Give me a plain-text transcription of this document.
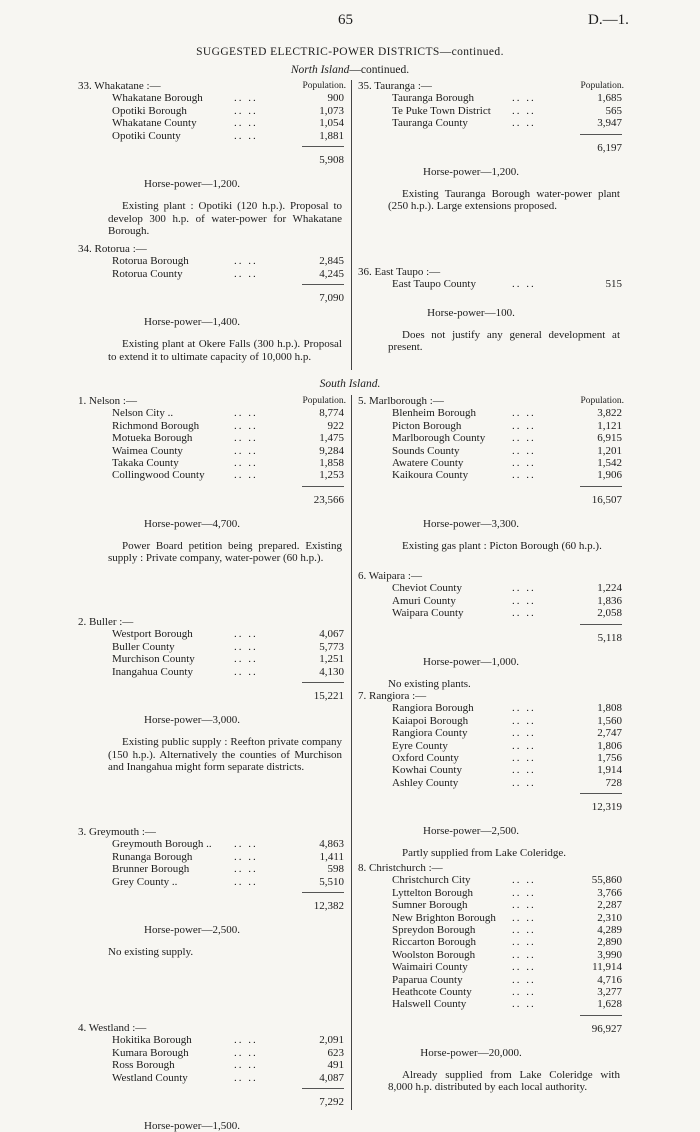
65	D.—1.
SUGGESTED ELECTRIC-POWER DISTRICTS—continued.
North Island—continued.
South Island.
33. Whakatane :—	Population.
Whakatane Borough	.. ..	900
Opotiki Borough	.. ..	1,073
Whakatane County	.. ..	1,054
Opotiki County	.. ..	1,881
5,908
Horse-power—1,200.
Existing plant : Opotiki (120 h.p.). Proposal to develop 300 h.p. of water-power for Whakatane Borough.
34. Rotorua :—
Rotorua Borough	.. ..	2,845
Rotorua County	.. ..	4,245
7,090
Horse-power—1,400.
Existing plant at Okere Falls (300 h.p.). Proposal to extend it to ultimate capacity of 10,000 h.p.
35. Tauranga :—	Population.
Tauranga Borough	.. ..	1,685
Te Puke Town District .. ..	565
Tauranga County	.. ..	3,947
6,197
Horse-power—1,200.
Existing Tauranga Borough water-power plant (250 h.p.). Large extensions proposed.
36. East Taupo :—
East Taupo County	.. ..	515
Horse-power—100.
Does not justify any general development at present.
1. Nelson :—	Population.
Nelson City ..	.. ..	8,774
Richmond Borough	.. ..	922
Motueka Borough	.. ..	1,475
Waimea County	.. ..	9,284
Takaka County	.. ..	1,858
Collingwood County	.. ..	1,253
23,566
Horse-power—4,700.
Power Board petition being prepared. Existing supply : Private company, water-power (60 h.p.).
2. Buller :—
Westport Borough	.. ..	4,067
Buller County	.. ..	5,773
Murchison County	.. ..	1,251
Inangahua County	.. ..	4,130
15,221
Horse-power—3,000.
Existing public supply : Reefton private company (150 h.p.). Alternatively the counties of Murchison and Inangahua might form separate districts.
3. Greymouth :—
Greymouth Borough .. .. ..	4,863
Runanga Borough	.. ..	1,411
Brunner Borough	.. ..	598
Grey County ..	.. ..	5,510
12,382
Horse-power—2,500.
No existing supply.
4. Westland :—
Hokitika Borough	.. ..	2,091
Kumara Borough	.. ..	623
Ross Borough	.. ..	491
Westland County	.. ..	4,087
7,292
Horse-power—1,500.
5. Marlborough :—	Population.
Blenheim Borough	.. ..	3,822
Picton Borough	.. ..	1,121
Marlborough County .. ..	6,915
Sounds County	.. ..	1,201
Awatere County	.. ..	1,542
Kaikoura County	.. ..	1,906
16,507
Horse-power—3,300.
Existing gas plant : Picton Borough (60 h.p.).
6. Waipara :—
Cheviot County	.. ..	1,224
Amuri County	.. ..	1,836
Waipara County	.. ..	2,058
5,118
Horse-power—1,000.
No existing plants.
7. Rangiora :—
Rangiora Borough	.. ..	1,808
Kaiapoi Borough	.. ..	1,560
Rangiora County	.. ..	2,747
Eyre County	.. ..	1,806
Oxford County	.. ..	1,756
Kowhai County	.. ..	1,914
Ashley County	.. ..	728
12,319
Horse-power—2,500.
Partly supplied from Lake Coleridge.
8. Christchurch :—
Christchurch City	.. ..	55,860
Lyttelton Borough	.. ..	3,766
Sumner Borough	.. ..	2,287
New Brighton Borough .. ..	2,310
Spreydon Borough	.. ..	4,289
Riccarton Borough	.. ..	2,890
Woolston Borough	.. ..	3,990
Waimairi County	.. ..	11,914
Paparua County	.. ..	4,716
Heathcote County	.. ..	3,277
Halswell County	.. ..	1,628
96,927
Horse-power—20,000.
Already supplied from Lake Coleridge with 8,000 h.p. distributed by each local authority.
